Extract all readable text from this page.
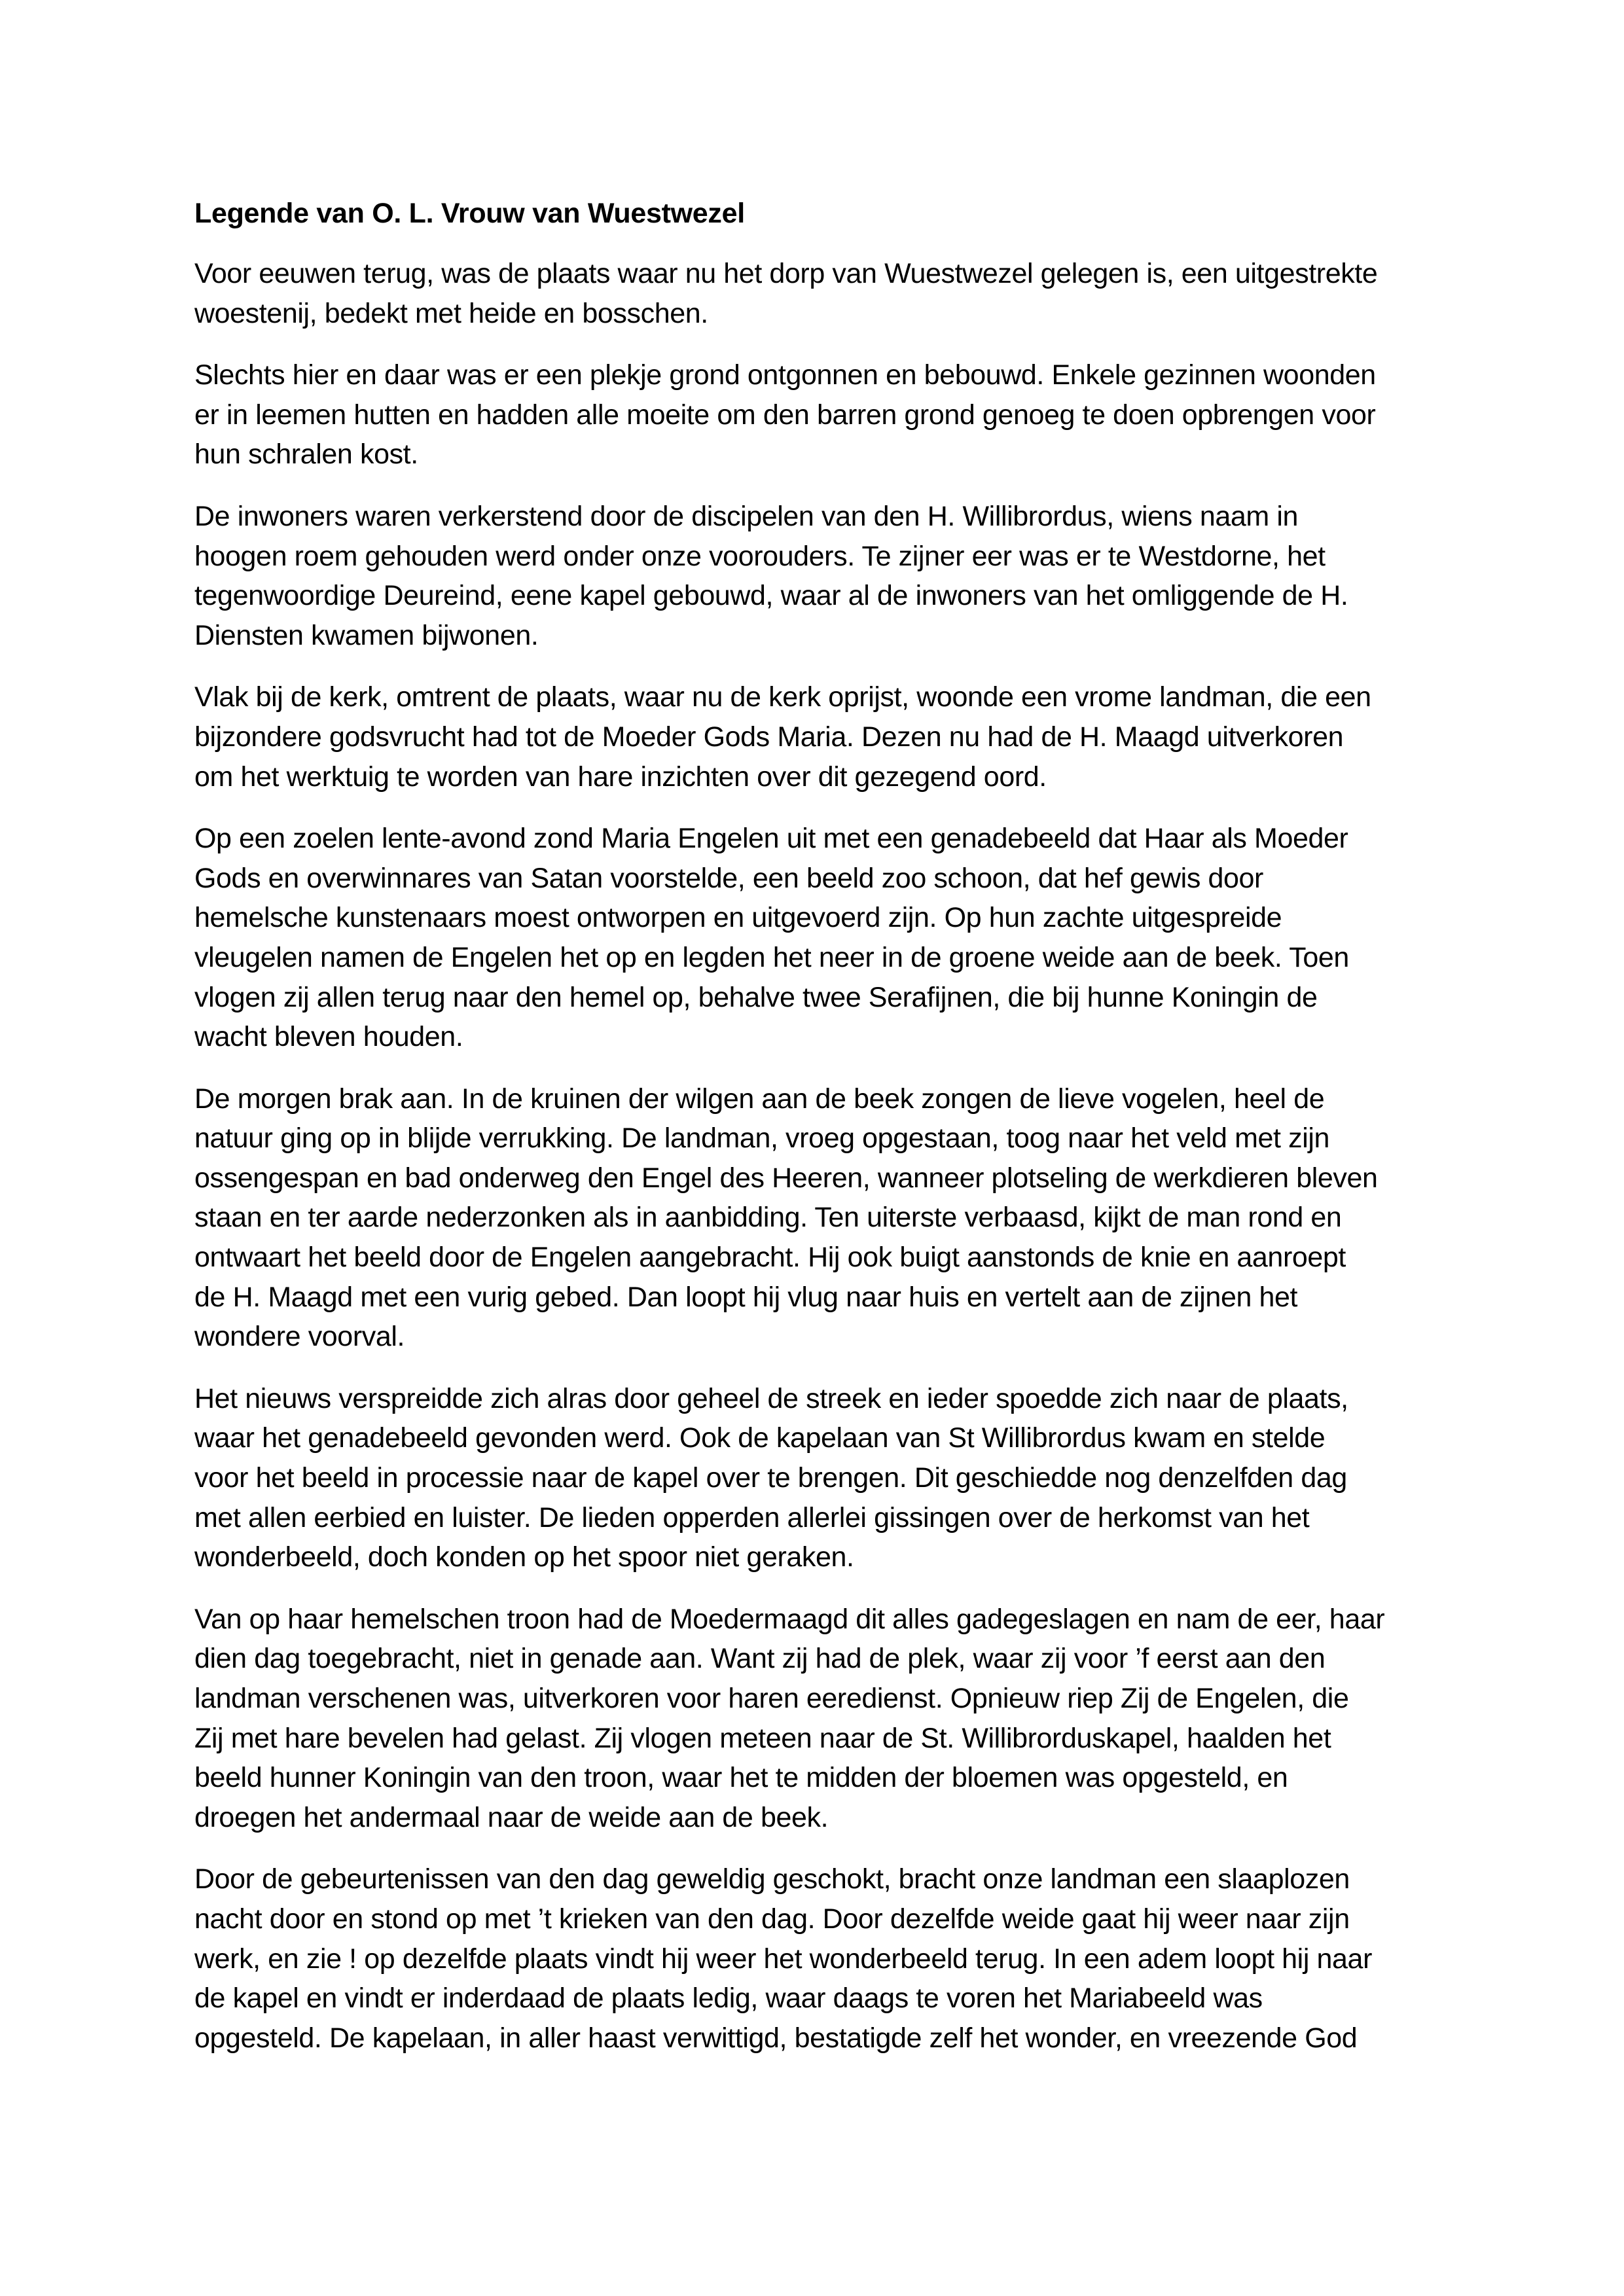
Legende van O. L. Vrouw van Wuestwezel
Voor eeuwen terug, was de plaats waar nu het dorp van Wuestwezel gelegen is, een uitgestrekte
woestenij, bedekt met heide en bosschen.
Slechts hier en daar was er een plekje grond ontgonnen en bebouwd. Enkele gezinnen woonden
er in leemen hutten en hadden alle moeite om den barren grond genoeg te doen opbrengen voor
hun schralen kost.
De inwoners waren verkerstend door de discipelen van den H. Willibrordus, wiens naam in
hoogen roem gehouden werd onder onze voorouders. Te zijner eer was er te Westdorne, het
tegenwoordige Deureind, eene kapel gebouwd, waar al de inwoners van het omliggende de H.
Diensten kwamen bijwonen.
Vlak bij de kerk, omtrent de plaats, waar nu de kerk oprijst, woonde een vrome landman, die een
bijzondere godsvrucht had tot de Moeder Gods Maria. Dezen nu had de H. Maagd uitverkoren
om het werktuig te worden van hare inzichten over dit gezegend oord.
Op een zoelen lente-avond zond Maria Engelen uit met een genadebeeld dat Haar als Moeder
Gods en overwinnares van Satan voorstelde, een beeld zoo schoon, dat hef gewis door
hemelsche kunstenaars moest ontworpen en uitgevoerd zijn. Op hun zachte uitgespreide
vleugelen namen de Engelen het op en legden het neer in de groene weide aan de beek. Toen
vlogen zij allen terug naar den hemel op, behalve twee Serafijnen, die bij hunne Koningin de
wacht bleven houden.
De morgen brak aan. In de kruinen der wilgen aan de beek zongen de lieve vogelen, heel de
natuur ging op in blijde verrukking. De landman, vroeg opgestaan, toog naar het veld met zijn
ossengespan en bad onderweg den Engel des Heeren, wanneer plotseling de werkdieren bleven
staan en ter aarde nederzonken als in aanbidding. Ten uiterste verbaasd, kijkt de man rond en
ontwaart het beeld door de Engelen aangebracht. Hij ook buigt aanstonds de knie en aanroept
de H. Maagd met een vurig gebed. Dan loopt hij vlug naar huis en vertelt aan de zijnen het
wondere voorval.
Het nieuws verspreidde zich alras door geheel de streek en ieder spoedde zich naar de plaats,
waar het genadebeeld gevonden werd. Ook de kapelaan van St Willibrordus kwam en stelde
voor het beeld in processie naar de kapel over te brengen. Dit geschiedde nog denzelfden dag
met allen eerbied en luister. De lieden opperden allerlei gissingen over de herkomst van het
wonderbeeld, doch konden op het spoor niet geraken.
Van op haar hemelschen troon had de Moedermaagd dit alles gadegeslagen en nam de eer, haar
dien dag toegebracht, niet in genade aan. Want zij had de plek, waar zij voor ’f eerst aan den
landman verschenen was, uitverkoren voor haren eeredienst. Opnieuw riep Zij de Engelen, die
Zij met hare bevelen had gelast. Zij vlogen meteen naar de St. Willibrorduskapel, haalden het
beeld hunner Koningin van den troon, waar het te midden der bloemen was opgesteld, en
droegen het andermaal naar de weide aan de beek.
Door de gebeurtenissen van den dag geweldig geschokt, bracht onze landman een slaaplozen
nacht door en stond op met ’t krieken van den dag. Door dezelfde weide gaat hij weer naar zijn
werk, en zie ! op dezelfde plaats vindt hij weer het wonderbeeld terug. In een adem loopt hij naar
de kapel en vindt er inderdaad de plaats ledig, waar daags te voren het Mariabeeld was
opgesteld. De kapelaan, in aller haast verwittigd, bestatigde zelf het wonder, en vreezende God
